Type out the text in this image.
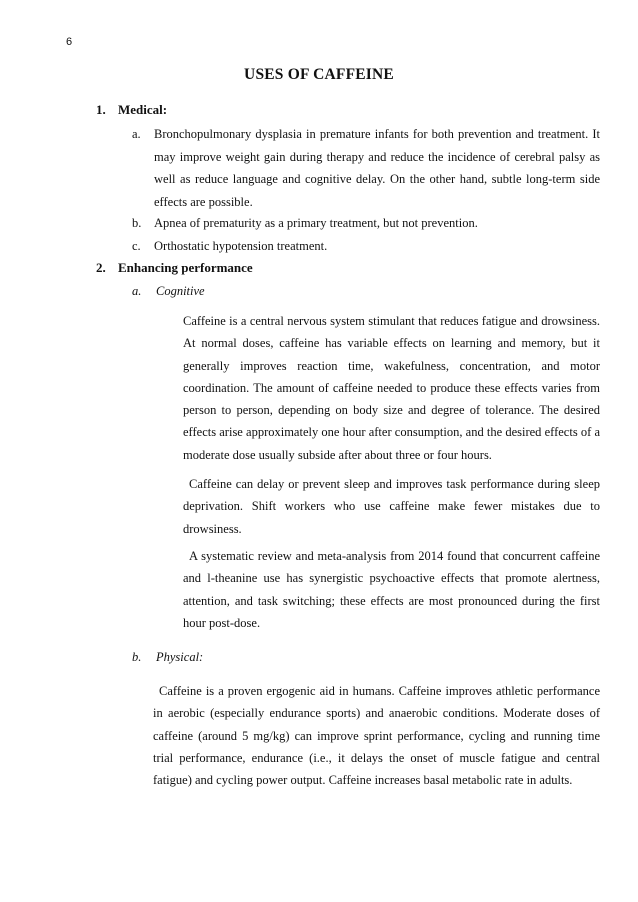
6
USES OF CAFFEINE
1. Medical:
a. Bronchopulmonary dysplasia in premature infants for both prevention and treatment. It may improve weight gain during therapy and reduce the incidence of cerebral palsy as well as reduce language and cognitive delay. On the other hand, subtle long-term side effects are possible.
b. Apnea of prematurity as a primary treatment, but not prevention.
c. Orthostatic hypotension treatment.
2. Enhancing performance
a. Cognitive
Caffeine is a central nervous system stimulant that reduces fatigue and drowsiness. At normal doses, caffeine has variable effects on learning and memory, but it generally improves reaction time, wakefulness, concentration, and motor coordination. The amount of caffeine needed to produce these effects varies from person to person, depending on body size and degree of tolerance. The desired effects arise approximately one hour after consumption, and the desired effects of a moderate dose usually subside after about three or four hours.
Caffeine can delay or prevent sleep and improves task performance during sleep deprivation. Shift workers who use caffeine make fewer mistakes due to drowsiness.
A systematic review and meta-analysis from 2014 found that concurrent caffeine and l-theanine use has synergistic psychoactive effects that promote alertness, attention, and task switching; these effects are most pronounced during the first hour post-dose.
b. Physical:
Caffeine is a proven ergogenic aid in humans. Caffeine improves athletic performance in aerobic (especially endurance sports) and anaerobic conditions. Moderate doses of caffeine (around 5 mg/kg) can improve sprint performance, cycling and running time trial performance, endurance (i.e., it delays the onset of muscle fatigue and central fatigue) and cycling power output. Caffeine increases basal metabolic rate in adults.
